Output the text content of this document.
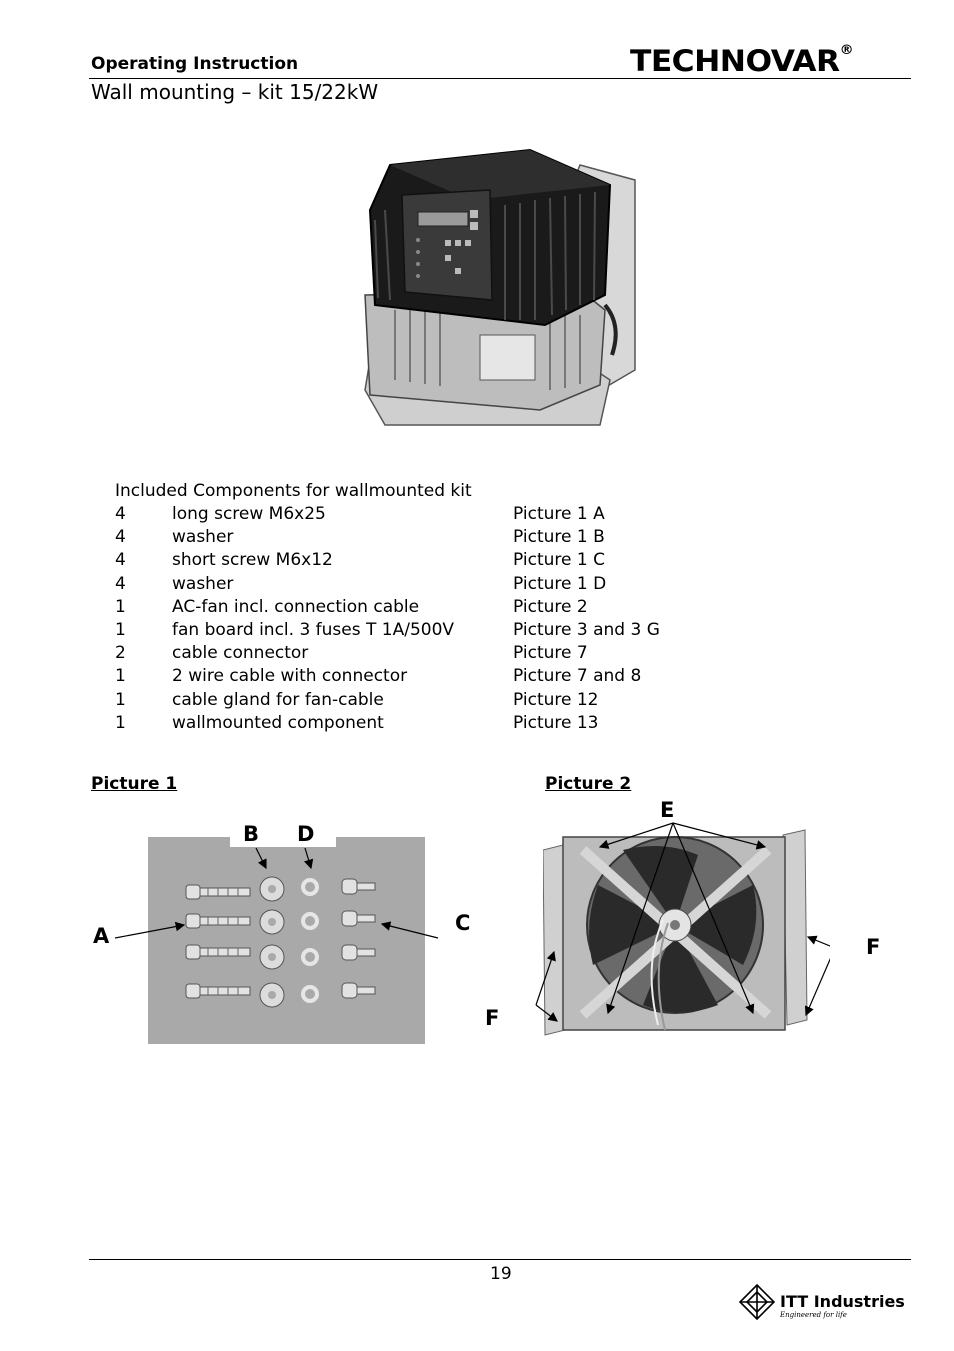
Operating Instruction	TECHNOVAR®
Wall mounting – kit 15/22kW
Included Components for wallmounted kit
4	long screw M6x25	Picture 1 A
4	washer	Picture 1 B
4	short screw M6x12	Picture 1 C
4	washer	Picture 1 D
1	AC-fan incl. connection cable	Picture 2
1	fan board incl. 3 fuses T 1A/500V	Picture 3 and 3 G
2	cable connector	Picture 7
1	2 wire cable with connector	Picture 7 and 8
1	cable gland for fan-cable	Picture 12
1	wallmounted component	Picture 13
Picture 1
A
B D
C
Picture 2
E
F
F
19
ITT Industries
Engineered for life
